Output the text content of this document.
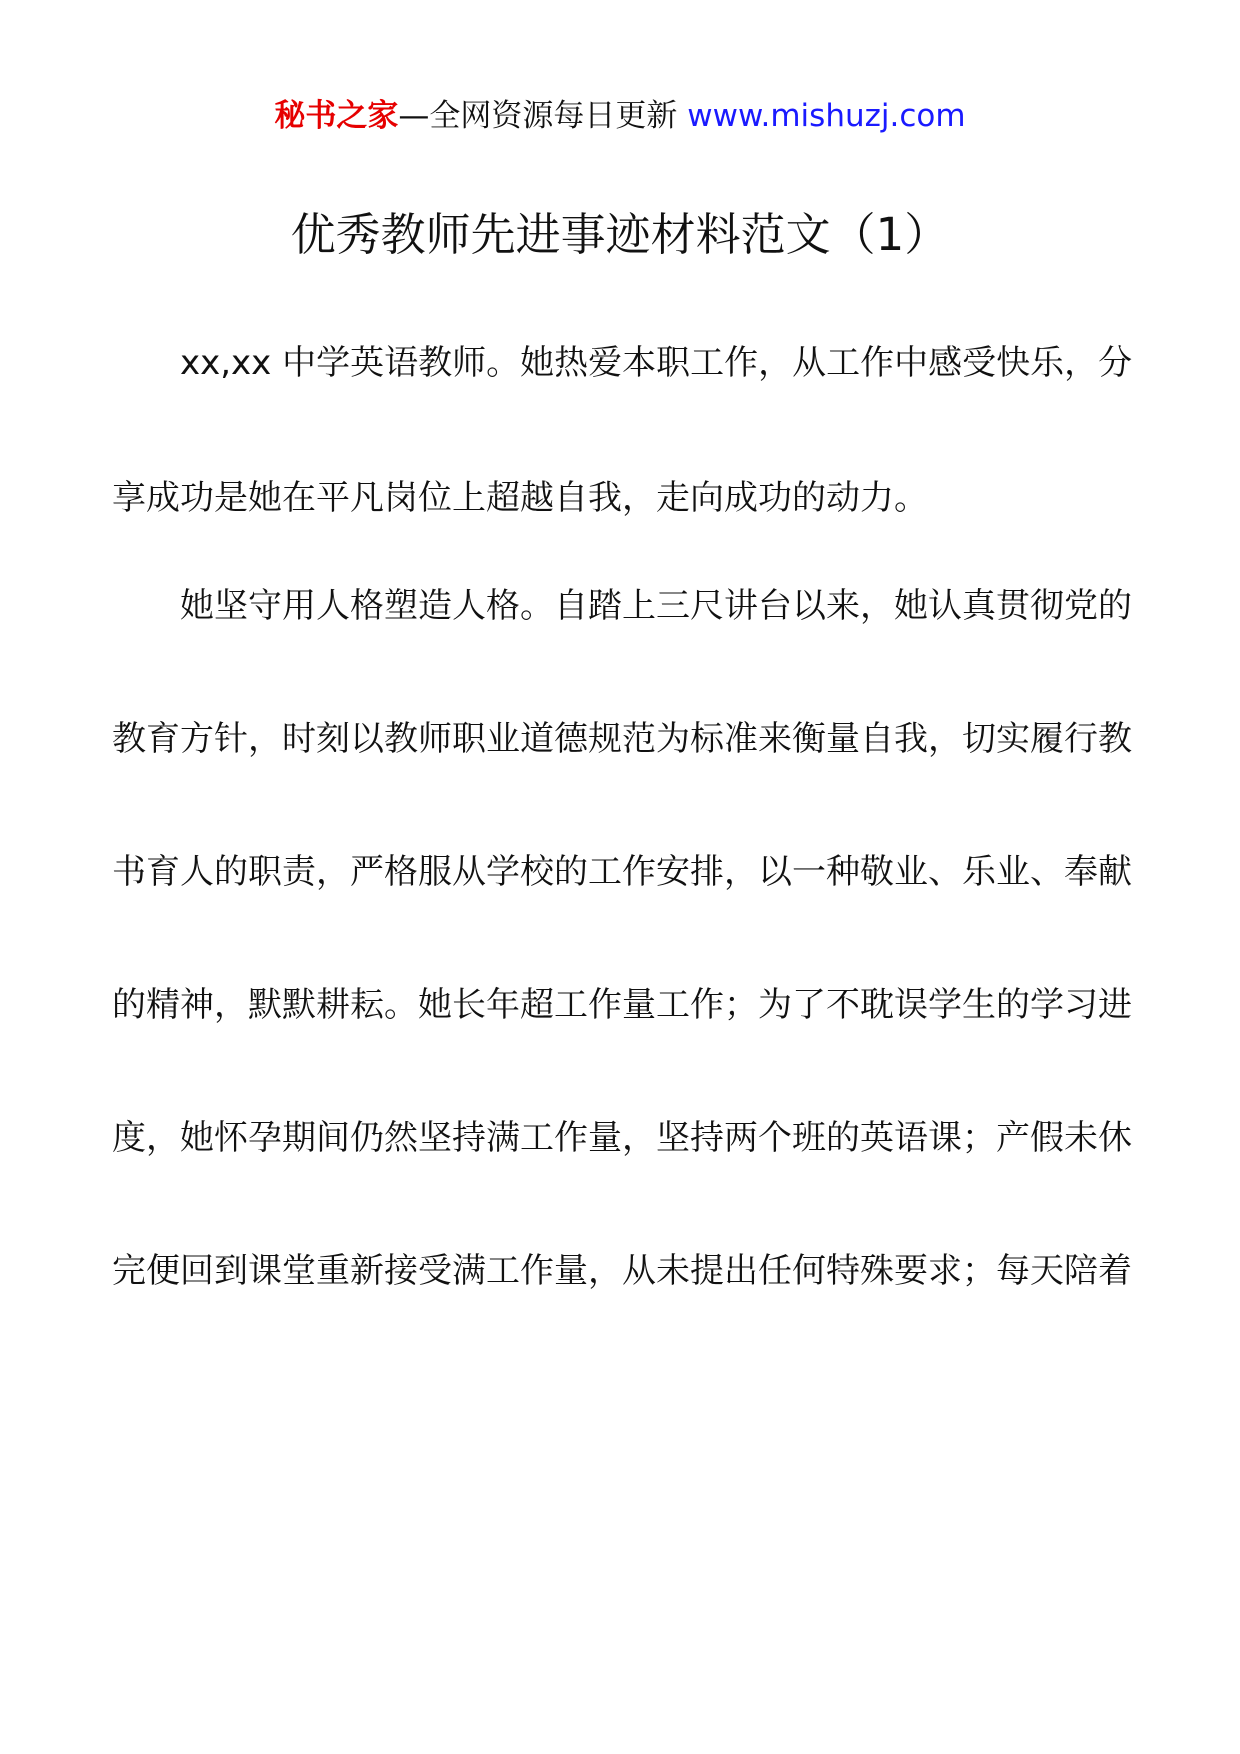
秘书之家—全网资源每日更新 www.mishuzj.com
优秀教师先进事迹材料范文（1）
xx,xx 中学英语教师。她热爱本职工作，从工作中感受快乐，分
享成功是她在平凡岗位上超越自我，走向成功的动力。
她坚守用人格塑造人格。自踏上三尺讲台以来，她认真贯彻党的
教育方针，时刻以教师职业道德规范为标准来衡量自我，切实履行教
书育人的职责，严格服从学校的工作安排，以一种敬业、乐业、奉献
的精神，默默耕耘。她长年超工作量工作；为了不耽误学生的学习进
度，她怀孕期间仍然坚持满工作量，坚持两个班的英语课；产假未休
完便回到课堂重新接受满工作量，从未提出任何特殊要求；每天陪着
